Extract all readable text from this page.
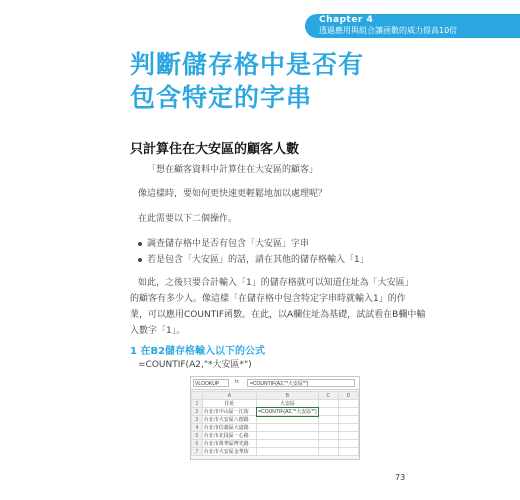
Chapter 4
透過應用與組合讓函數的威力提高10倍
判斷儲存格中是否有
包含特定的字串
只計算住在大安區的顧客人數
「想在顧客資料中計算住在大安區的顧客」
像這樣時，要如何更快速更輕鬆地加以處理呢？
在此需要以下二個操作。
調查儲存格中是否有包含「大安區」字串
若是包含「大安區」的話，請在其他的儲存格輸入「1」
如此，之後只要合計輸入「1」的儲存格就可以知道住址為「大安區」
的顧客有多少人。像這樣「在儲存格中包含特定字串時就輸入1」的作
業，可以應用COUNTIF函數。在此，以A欄住址為基礎，試試看在B欄中輸
入數字「1」。
1 在B2儲存格輸入以下的公式
=COUNTIF(A2,"*大安區*")
VLOOKUP	fx	=COUNTIF(A2,"*大安區*")
	A	B	C	D
1	住址	大安區		
2	台北市中山區一江街	=COUNTIF(A2,"*大安區*")		
3	台北市大安區八德路			
4	台北市信義區大道路			
5	台北市北投區一心路			
6	台北市萬華區博光路			
7	台北市大安區金華街			
73
